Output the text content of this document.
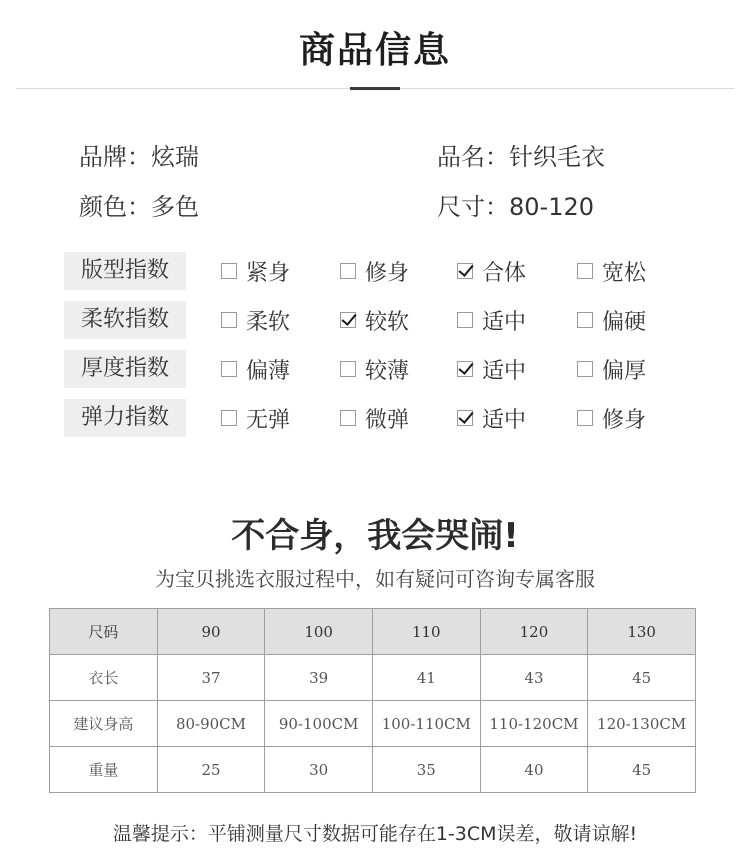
商品信息
品牌 ： 炫瑞	品名 ： 针织毛衣
颜色 ： 多色	尺寸 ： 80-120
版型指数	紧身	修身	合体	宽松
柔软指数	柔软	较软	适中	偏硬
厚度指数	偏薄	较薄	适中	偏厚
弹力指数	无弹	微弹	适中	修身
不合身，我会哭闹!
为宝贝挑选衣服过程中，如有疑问可咨询专属客服
尺码	90	100	110	120	130
衣长	37	39	41	43	45
建议身高	80-90CM	90-100CM	100-110CM	110-120CM	120-130CM
重量	25	30	35	40	45
温馨提示：平铺测量尺寸数据可能存在1-3CM误差，敬请谅解!
